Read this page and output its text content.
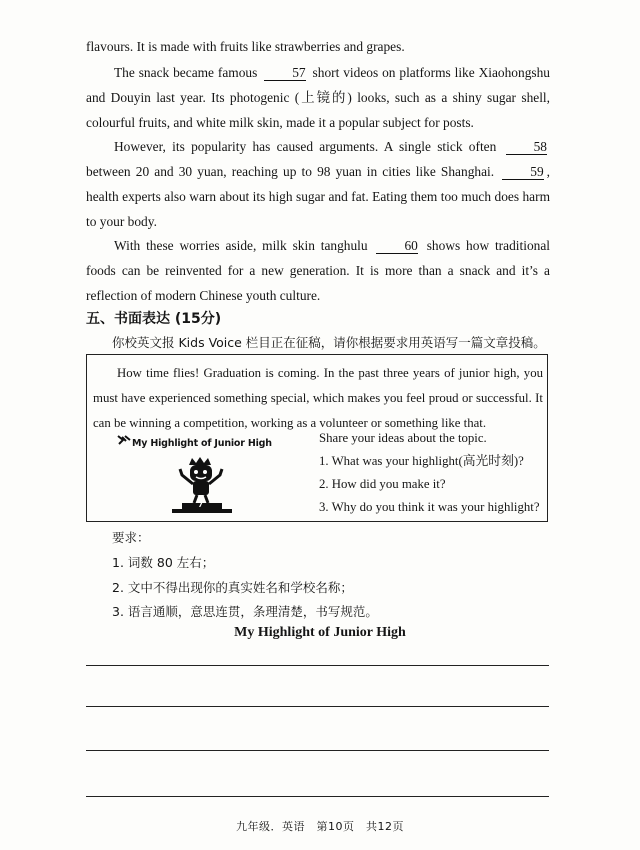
flavours. It is made with fruits like strawberries and grapes.

The snack became famous	57 short videos on platforms like Xiaohongshu and Douyin last year. Its photogenic (上镜的) looks, such as a shiny sugar shell, colourful fruits, and white milk skin, made it a popular subject for posts.

However, its popularity has caused arguments. A single stick often	58 between 20 and 30 yuan, reaching up to 98 yuan in cities like Shanghai.	59 , health experts also warn about its high sugar and fat. Eating them too much does harm to your body.

With these worries aside, milk skin tanghulu	60 shows how traditional foods can be reinvented for a new generation. It is more than a snack and it’s a reflection of modern Chinese youth culture.

五、书面表达 (15分)
你校英文报 Kids Voice 栏目正在征稿，请你根据要求用英语写一篇文章投稿。

How time flies! Graduation is coming. In the past three years of junior high, you must have experienced something special, which makes you feel proud or successful. It can be winning a competition, working as a volunteer or something like that.

My Highlight of Junior High
7
Share your ideas about the topic.
1. What was your highlight(高光时刻)?
2. How did you make it?
3. Why do you think it was your highlight?
要求：
1. 词数 80 左右；
2. 文中不得出现你的真实姓名和学校名称；
3. 语言通顺，意思连贯，条理清楚，书写规范。
My Highlight of Junior High
九年级．英语　第10页　共12页
